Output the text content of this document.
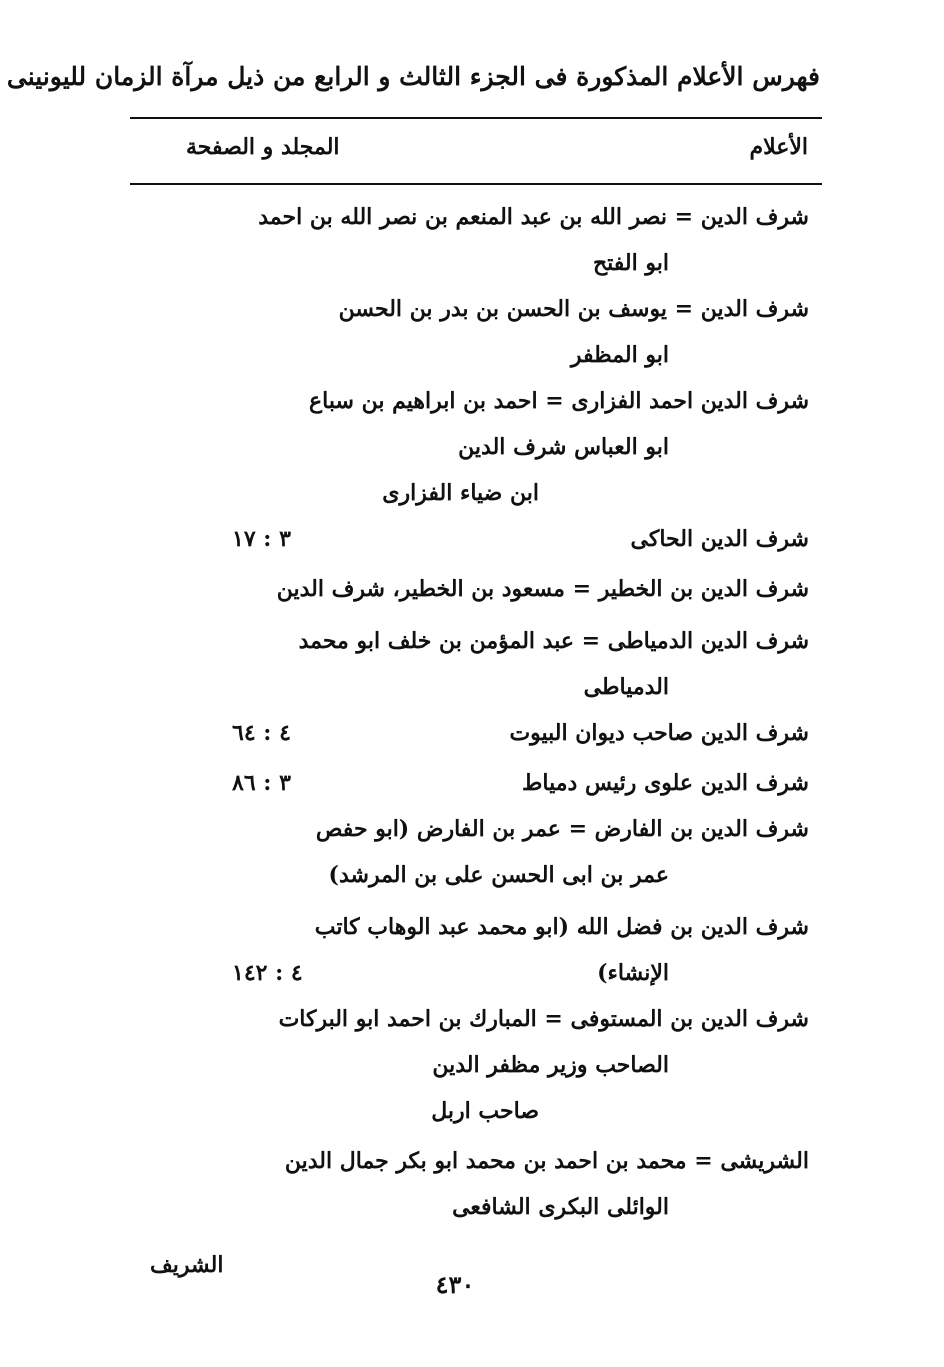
فهرس الأعلام المذكورة فى الجزء الثالث و الرابع من ذيل مرآة الزمان لليونينى
الأعلام
المجلد و الصفحة
شرف الدين = نصر الله بن عبد المنعم بن نصر الله بن احمد
ابو الفتح
شرف الدين = يوسف بن الحسن بن بدر بن الحسن
ابو المظفر
شرف الدين احمد الفزارى = احمد بن ابراهيم بن سباع
ابو العباس شرف الدين
ابن ضياء الفزارى
شرف الدين الحاكى
٣ : ١٧
شرف الدين بن الخطير = مسعود بن الخطير، شرف الدين
شرف الدين الدمياطى = عبد المؤمن بن خلف ابو محمد
الدمياطى
شرف الدين صاحب ديوان البيوت
٤ : ٦٤
شرف الدين علوى رئيس دمياط
٣ : ٨٦
شرف الدين بن الفارض = عمر بن الفارض (ابو حفص
عمر بن ابى الحسن على بن المرشد)
شرف الدين بن فضل الله (ابو محمد عبد الوهاب كاتب
الإنشاء)
٤ : ١٤٢
شرف الدين بن المستوفى = المبارك بن احمد ابو البركات
الصاحب وزير مظفر الدين
صاحب اربل
الشريشى = محمد بن احمد بن محمد ابو بكر جمال الدين
الوائلى البكرى الشافعى
الشريف
٤٣٠
